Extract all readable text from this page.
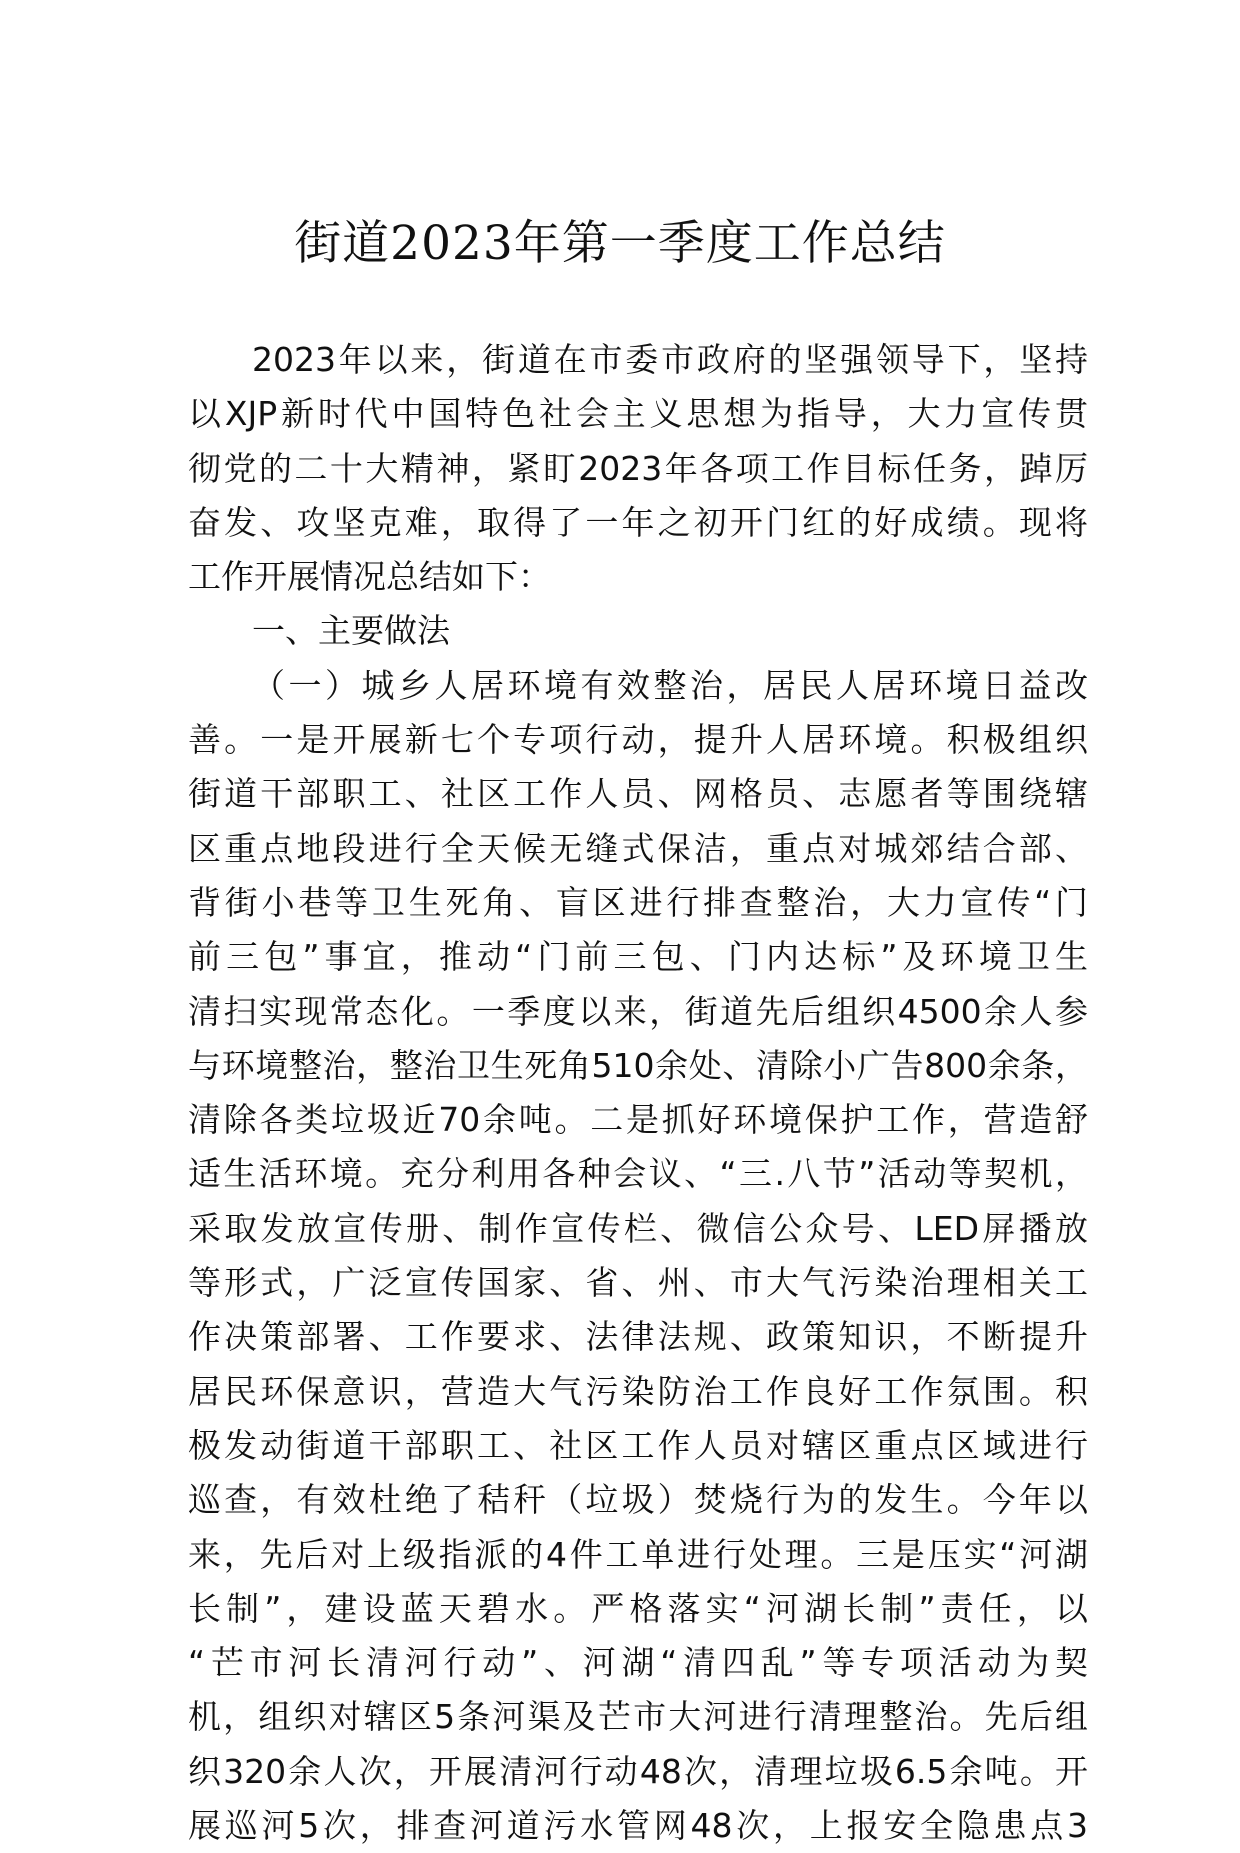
街道2023年第一季度工作总结
2023年以来，街道在市委市政府的坚强领导下，坚持
以XJP新时代中国特色社会主义思想为指导，大力宣传贯
彻党的二十大精神，紧盯2023年各项工作目标任务，踔厉
奋发、攻坚克难，取得了一年之初开门红的好成绩。现将
工作开展情况总结如下：
一、主要做法
（一）城乡人居环境有效整治，居民人居环境日益改
善。一是开展新七个专项行动，提升人居环境。积极组织
街道干部职工、社区工作人员、网格员、志愿者等围绕辖
区重点地段进行全天候无缝式保洁，重点对城郊结合部、
背街小巷等卫生死角、盲区进行排查整治，大力宣传“门
前三包”事宜，推动“门前三包、门内达标”及环境卫生
清扫实现常态化。一季度以来，街道先后组织4500余人参
与环境整治，整治卫生死角510余处、清除小广告800余条，
清除各类垃圾近70余吨。二是抓好环境保护工作，营造舒
适生活环境。充分利用各种会议、“三.八节”活动等契机，
采取发放宣传册、制作宣传栏、微信公众号、LED屏播放
等形式，广泛宣传国家、省、州、市大气污染治理相关工
作决策部署、工作要求、法律法规、政策知识，不断提升
居民环保意识，营造大气污染防治工作良好工作氛围。积
极发动街道干部职工、社区工作人员对辖区重点区域进行
巡查，有效杜绝了秸秆（垃圾）焚烧行为的发生。今年以
来，先后对上级指派的4件工单进行处理。三是压实“河湖
长制”，建设蓝天碧水。严格落实“河湖长制”责任，以
“芒市河长清河行动”、河湖“清四乱”等专项活动为契
机，组织对辖区5条河渠及芒市大河进行清理整治。先后组
织320余人次，开展清河行动48次，清理垃圾6.5余吨。开
展巡河5次，排查河道污水管网48次，上报安全隐患点3
